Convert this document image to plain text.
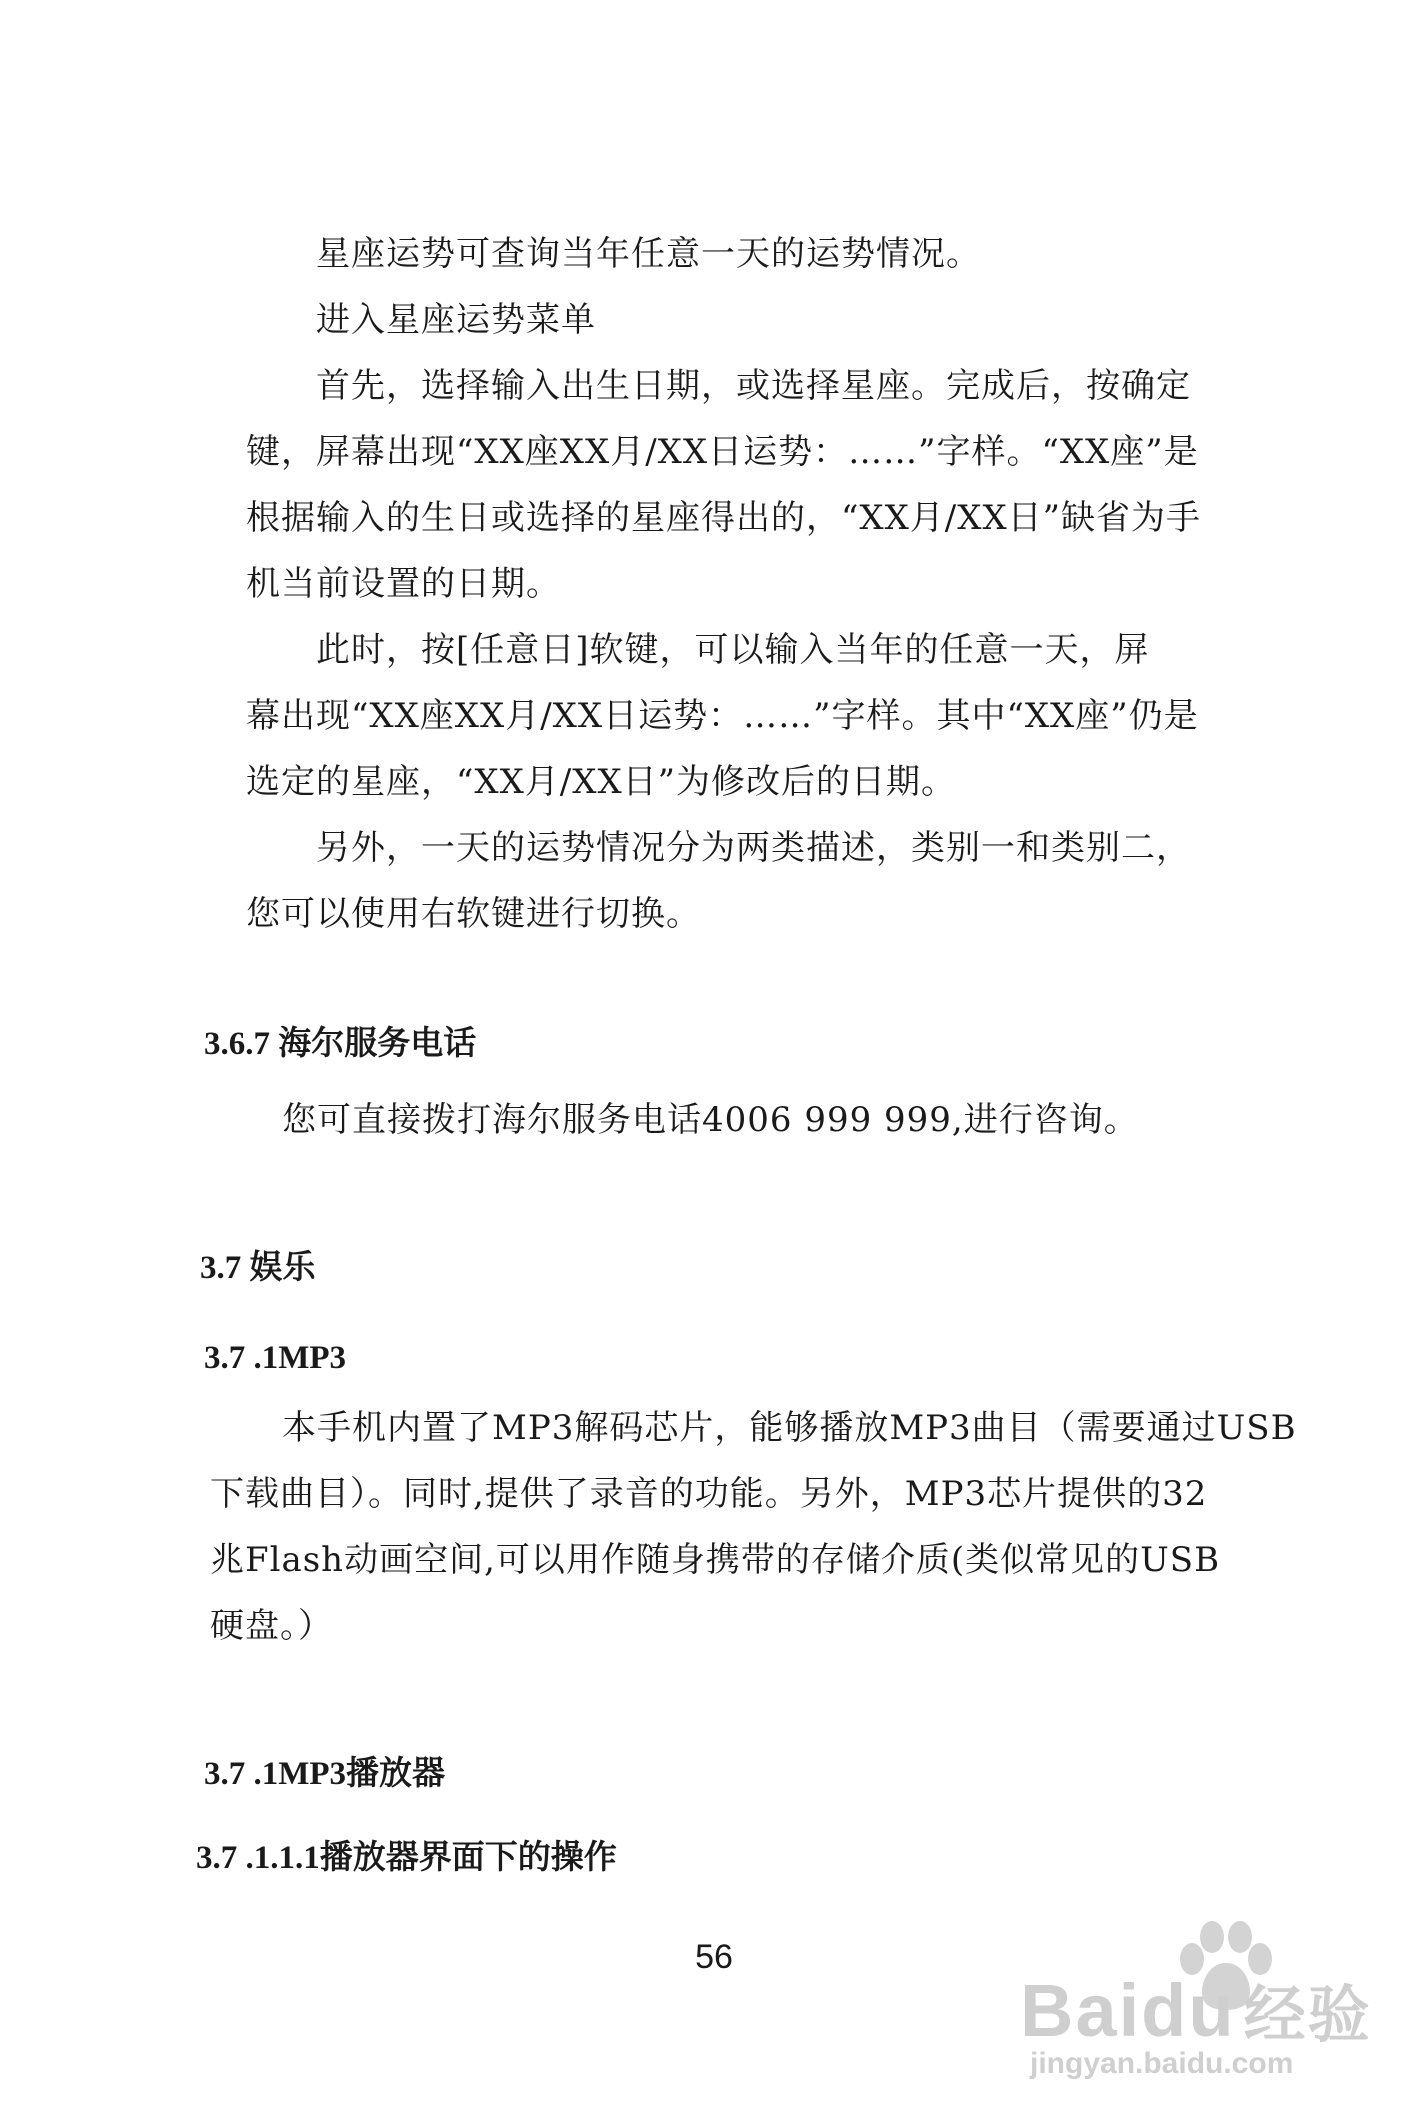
星座运势可查询当年任意一天的运势情况。
进入星座运势菜单
首先，选择输入出生日期，或选择星座。完成后，按确定
键，屏幕出现“XX座XX月/XX日运势：……”字样。“XX座”是
根据输入的生日或选择的星座得出的，“XX月/XX日”缺省为手
机当前设置的日期。
此时，按[任意日]软键，可以输入当年的任意一天，屏
幕出现“XX座XX月/XX日运势：……”字样。其中“XX座”仍是
选定的星座，“XX月/XX日”为修改后的日期。
另外，一天的运势情况分为两类描述，类别一和类别二，
您可以使用右软键进行切换。
3.6.7 海尔服务电话
您可直接拨打海尔服务电话4006 999 999,进行咨询。
3.7 娱乐
3.7 .1MP3
本手机内置了MP3解码芯片，能够播放MP3曲目（需要通过USB
下载曲目）。同时,提供了录音的功能。另外，MP3芯片提供的32
兆Flash动画空间,可以用作随身携带的存储介质(类似常见的USB
硬盘。）
3.7 .1MP3播放器
3.7 .1.1.1播放器界面下的操作
56
Baidu 经验
jingyan.baidu.com
